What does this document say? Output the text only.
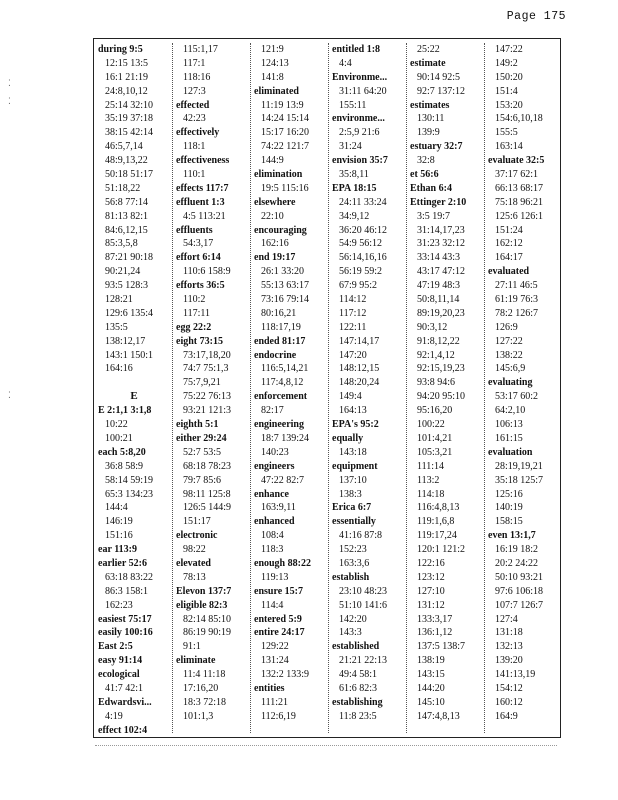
Page 175
⁚
⁚
⁚
during 9:5
12:15 13:5
16:1 21:19
24:8,10,12
25:14 32:10
35:19 37:18
38:15 42:14
46:5,7,14
48:9,13,22
50:18 51:17
51:18,22
56:8 77:14
81:13 82:1
84:6,12,15
85:3,5,8
87:21 90:18
90:21,24
93:5 128:3
128:21
129:6 135:4
135:5
138:12,17
143:1 150:1
164:16
E
E 2:1,1 3:1,8
10:22
100:21
each 5:8,20
36:8 58:9
58:14 59:19
65:3 134:23
144:4
146:19
151:16
ear 113:9
earlier 52:6
63:18 83:22
86:3 158:1
162:23
easiest 75:17
easily 100:16
East 2:5
easy 91:14
ecological
41:7 42:1
Edwardsvi...
4:19
effect 102:4
115:1,17
117:1
118:16
127:3
effected
42:23
effectively
118:1
effectiveness
110:1
effects 117:7
effluent 1:3
4:5 113:21
effluents
54:3,17
effort 6:14
110:6 158:9
efforts 36:5
110:2
117:11
egg 22:2
eight 73:15
73:17,18,20
74:7 75:1,3
75:7,9,21
75:22 76:13
93:21 121:3
eighth 5:1
either 29:24
52:7 53:5
68:18 78:23
79:7 85:6
98:11 125:8
126:5 144:9
151:17
electronic
98:22
elevated
78:13
Elevon 137:7
eligible 82:3
82:14 85:10
86:19 90:19
91:1
eliminate
11:4 11:18
17:16,20
18:3 72:18
101:1,3
121:9
124:13
141:8
eliminated
11:19 13:9
14:24 15:14
15:17 16:20
74:22 121:7
144:9
elimination
19:5 115:16
elsewhere
22:10
encouraging
162:16
end 19:17
26:1 33:20
55:13 63:17
73:16 79:14
80:16,21
118:17,19
ended 81:17
endocrine
116:5,14,21
117:4,8,12
enforcement
82:17
engineering
18:7 139:24
140:23
engineers
47:22 82:7
enhance
163:9,11
enhanced
108:4
118:3
enough 88:22
119:13
ensure 15:7
114:4
entered 5:9
entire 24:17
129:22
131:24
132:2 133:9
entities
111:21
112:6,19
entitled 1:8
4:4
Environme...
31:11 64:20
155:11
environme...
2:5,9 21:6
31:24
envision 35:7
35:8,11
EPA 18:15
24:11 33:24
34:9,12
36:20 46:12
54:9 56:12
56:14,16,16
56:19 59:2
67:9 95:2
114:12
117:12
122:11
147:14,17
147:20
148:12,15
148:20,24
149:4
164:13
EPA's 95:2
equally
143:18
equipment
137:10
138:3
Erica 6:7
essentially
41:16 87:8
152:23
163:3,6
establish
23:10 48:23
51:10 141:6
142:20
143:3
established
21:21 22:13
49:4 58:1
61:6 82:3
establishing
11:8 23:5
25:22
estimate
90:14 92:5
92:7 137:12
estimates
130:11
139:9
estuary 32:7
32:8
et 56:6
Ethan 6:4
Ettinger 2:10
3:5 19:7
31:14,17,23
31:23 32:12
33:14 43:3
43:17 47:12
47:19 48:3
50:8,11,14
89:19,20,23
90:3,12
91:8,12,22
92:1,4,12
92:15,19,23
93:8 94:6
94:20 95:10
95:16,20
100:22
101:4,21
105:3,21
111:14
113:2
114:18
116:4,8,13
119:1,6,8
119:17,24
120:1 121:2
122:16
123:12
127:10
131:12
133:3,17
136:1,12
137:5 138:7
138:19
143:15
144:20
145:10
147:4,8,13
147:22
149:2
150:20
151:4
153:20
154:6,10,18
155:5
163:14
evaluate 32:5
37:17 62:1
66:13 68:17
75:18 96:21
125:6 126:1
151:24
162:12
164:17
evaluated
27:11 46:5
61:19 76:3
78:2 126:7
126:9
127:22
138:22
145:6,9
evaluating
53:17 60:2
64:2,10
106:13
161:15
evaluation
28:19,19,21
35:18 125:7
125:16
140:19
158:15
even 13:1,7
16:19 18:2
20:2 24:22
50:10 93:21
97:6 106:18
107:7 126:7
127:4
131:18
132:13
139:20
141:13,19
154:12
160:12
164:9
